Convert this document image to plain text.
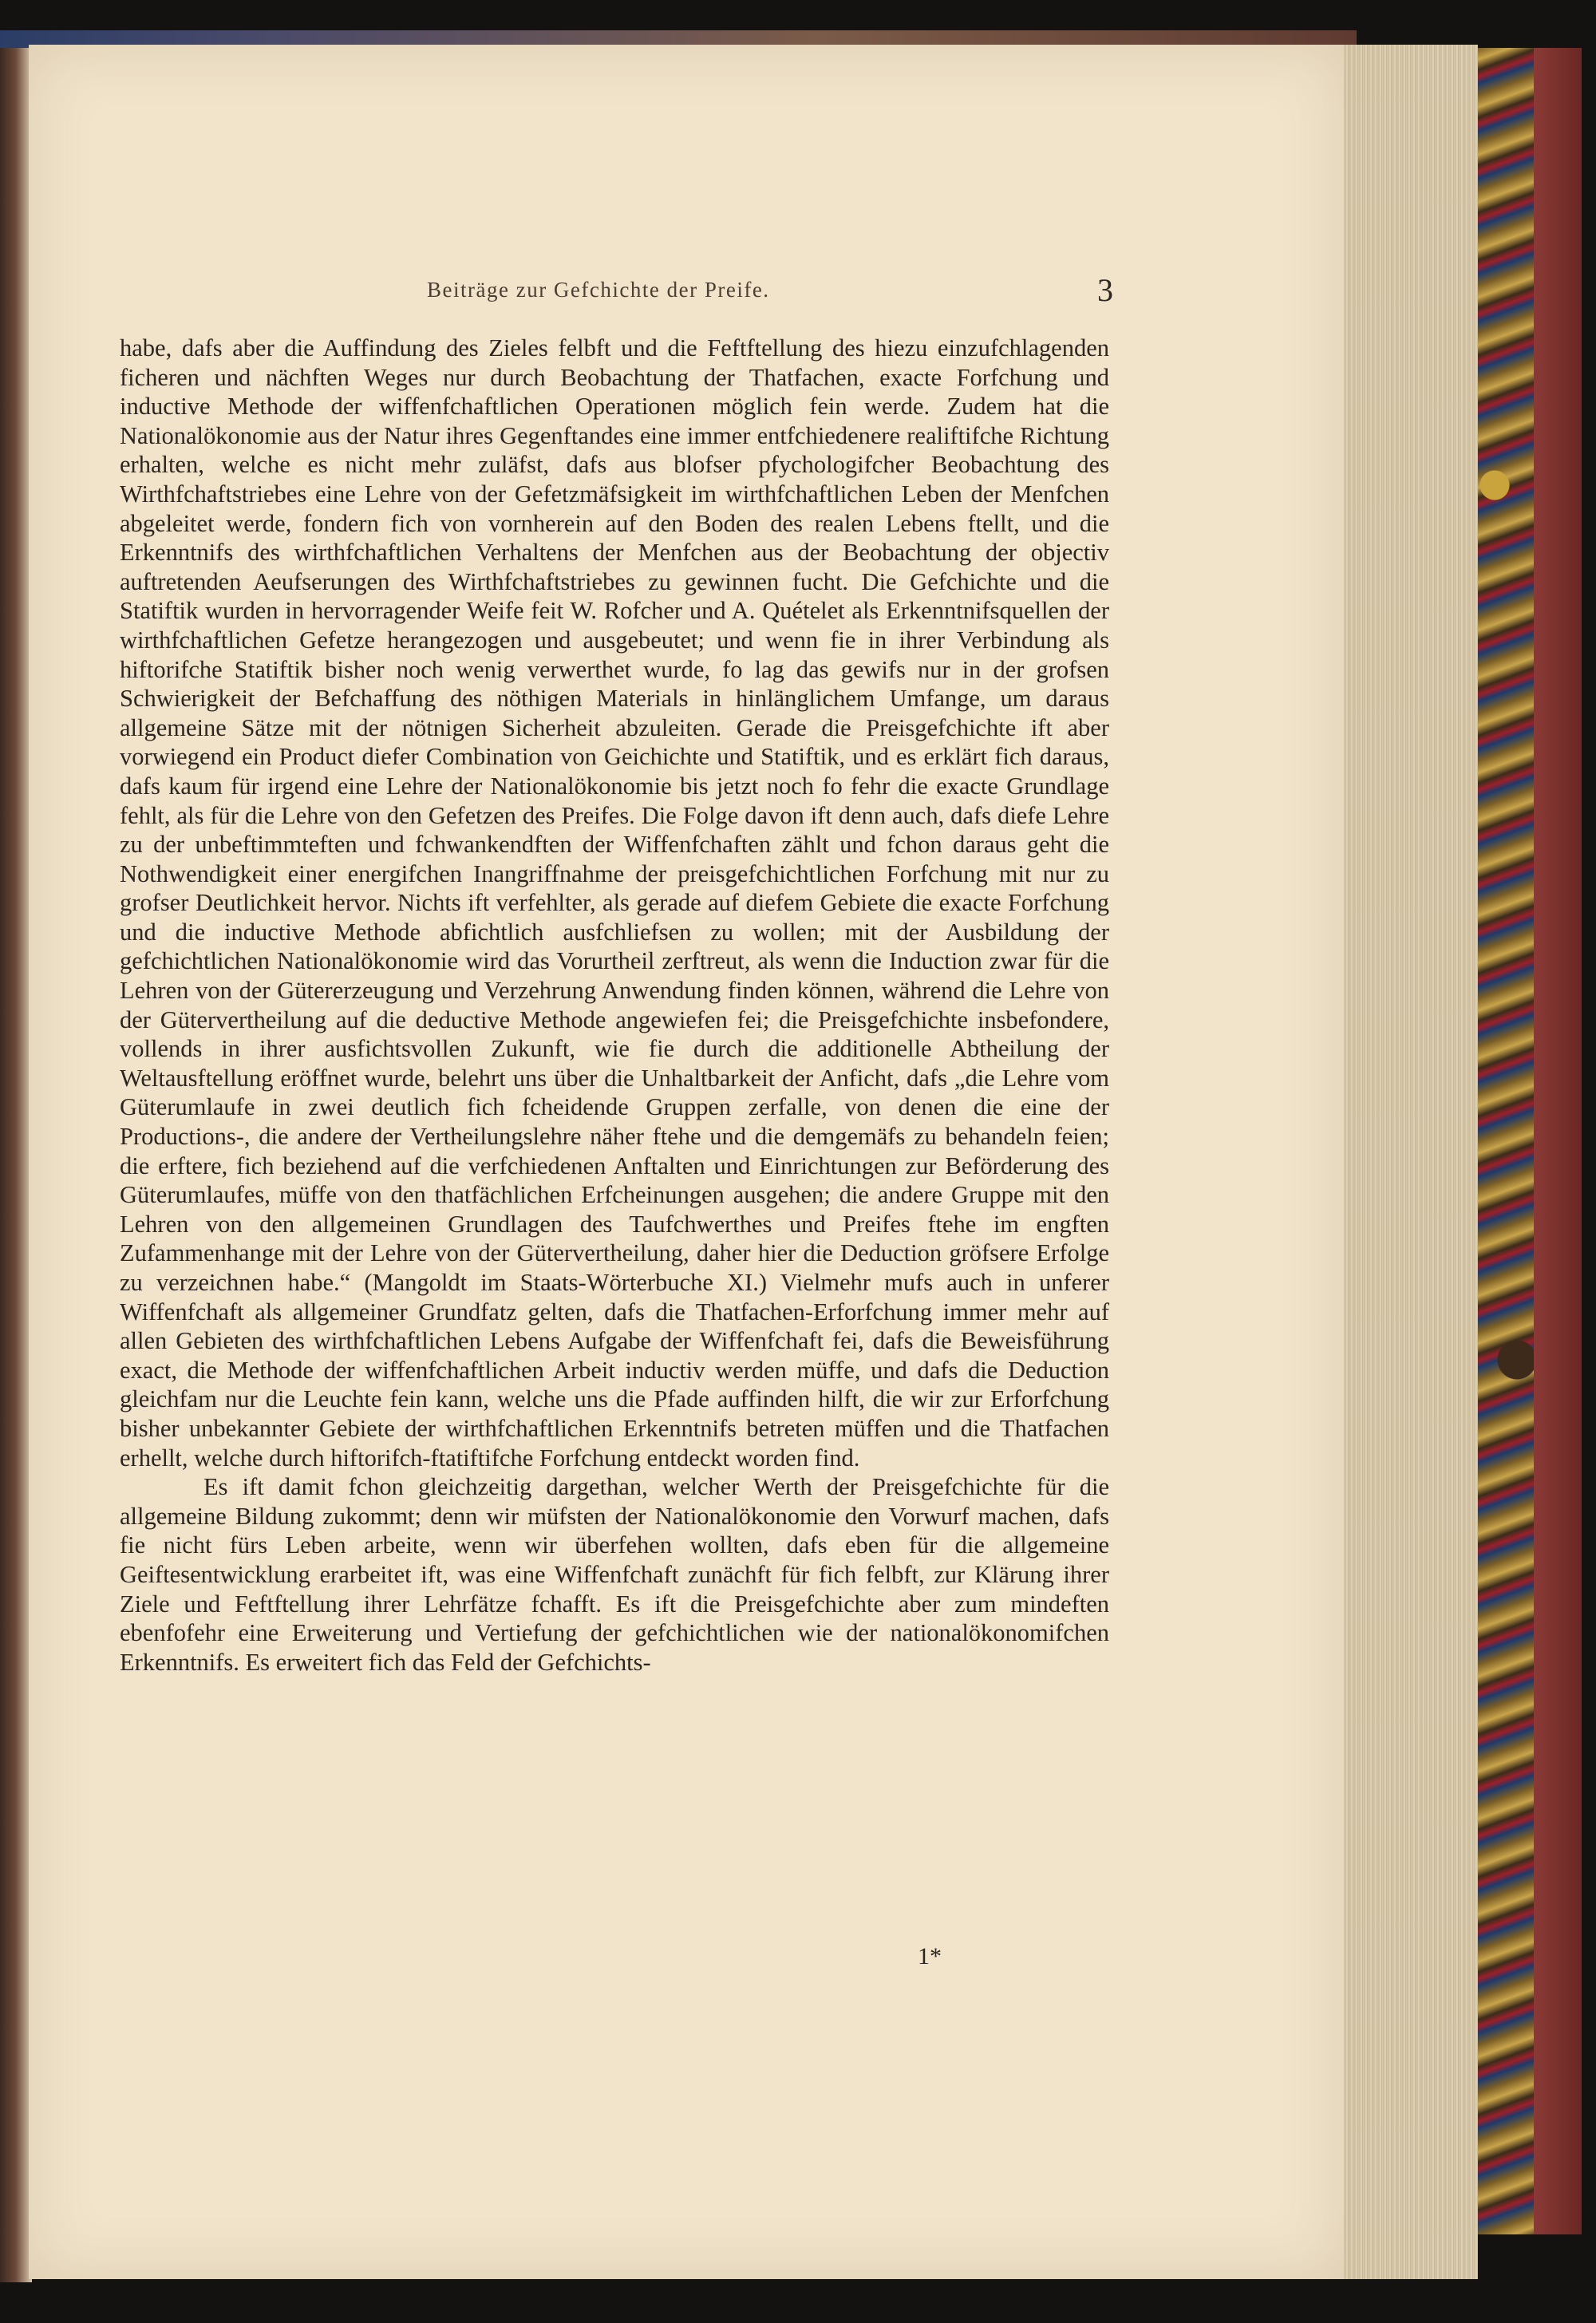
Beiträge zur Gefchichte der Preife.	3

habe, dafs aber die Auffindung des Zieles felbft und die Feftftellung des hiezu einzufchlagenden ficheren und nächften Weges nur durch Beobachtung der Thatfachen, exacte Forfchung und inductive Methode der wiffenfchaftlichen Operationen möglich fein werde. Zudem hat die Nationalökonomie aus der Natur ihres Gegenftandes eine immer entfchiedenere realiftifche Richtung erhalten, welche es nicht mehr zuläfst, dafs aus blofser pfychologifcher Beobachtung des Wirthfchaftstriebes eine Lehre von der Gefetzmäfsigkeit im wirthfchaftlichen Leben der Menfchen abgeleitet werde, fondern fich von vornherein auf den Boden des realen Lebens ftellt, und die Erkenntnifs des wirthfchaftlichen Verhaltens der Menfchen aus der Beobachtung der objectiv auftretenden Aeufserungen des Wirthfchaftstriebes zu gewinnen fucht. Die Gefchichte und die Statiftik wurden in hervorragender Weife feit W. Rofcher und A. Quételet als Erkenntnifsquellen der wirthfchaftlichen Gefetze herangezogen und ausgebeutet; und wenn fie in ihrer Verbindung als hiftorifche Statiftik bisher noch wenig verwerthet wurde, fo lag das gewifs nur in der grofsen Schwierigkeit der Befchaffung des nöthigen Materials in hinlänglichem Umfange, um daraus allgemeine Sätze mit der nötnigen Sicherheit abzuleiten. Gerade die Preisgefchichte ift aber vorwiegend ein Product diefer Combination von Geichichte und Statiftik, und es erklärt fich daraus, dafs kaum für irgend eine Lehre der Nationalökonomie bis jetzt noch fo fehr die exacte Grundlage fehlt, als für die Lehre von den Gefetzen des Preifes. Die Folge davon ift denn auch, dafs diefe Lehre zu der unbeftimmteften und fchwankendften der Wiffenfchaften zählt und fchon daraus geht die Nothwendigkeit einer energifchen Inangriffnahme der preisgefchichtlichen Forfchung mit nur zu grofser Deutlichkeit hervor. Nichts ift verfehlter, als gerade auf diefem Gebiete die exacte Forfchung und die inductive Methode abfichtlich ausfchliefsen zu wollen; mit der Ausbildung der gefchichtlichen Nationalökonomie wird das Vorurtheil zerftreut, als wenn die Induction zwar für die Lehren von der Gütererzeugung und Verzehrung Anwendung finden können, während die Lehre von der Gütervertheilung auf die deductive Methode angewiefen fei; die Preisgefchichte insbefondere, vollends in ihrer ausfichtsvollen Zukunft, wie fie durch die additionelle Abtheilung der Weltausftellung eröffnet wurde, belehrt uns über die Unhaltbarkeit der Anficht, dafs „die Lehre vom Güterumlaufe in zwei deutlich fich fcheidende Gruppen zerfalle, von denen die eine der Productions-, die andere der Vertheilungslehre näher ftehe und die demgemäfs zu behandeln feien; die erftere, fich beziehend auf die verfchiedenen Anftalten und Einrichtungen zur Beförderung des Güterumlaufes, müffe von den thatfächlichen Erfcheinungen ausgehen; die andere Gruppe mit den Lehren von den allgemeinen Grundlagen des Taufchwerthes und Preifes ftehe im engften Zufammenhange mit der Lehre von der Gütervertheilung, daher hier die Deduction gröfsere Erfolge zu verzeichnen habe.“ (Mangoldt im Staats-Wörterbuche XI.) Vielmehr mufs auch in unferer Wiffenfchaft als allgemeiner Grundfatz gelten, dafs die Thatfachen-Erforfchung immer mehr auf allen Gebieten des wirthfchaftlichen Lebens Aufgabe der Wiffenfchaft fei, dafs die Beweisführung exact, die Methode der wiffenfchaftlichen Arbeit inductiv werden müffe, und dafs die Deduction gleichfam nur die Leuchte fein kann, welche uns die Pfade auffinden hilft, die wir zur Erforfchung bisher unbekannter Gebiete der wirthfchaftlichen Erkenntnifs betreten müffen und die Thatfachen erhellt, welche durch hiftorifch-ftatiftifche Forfchung entdeckt worden find.

Es ift damit fchon gleichzeitig dargethan, welcher Werth der Preisgefchichte für die allgemeine Bildung zukommt; denn wir müfsten der Nationalökonomie den Vorwurf machen, dafs fie nicht fürs Leben arbeite, wenn wir überfehen wollten, dafs eben für die allgemeine Geiftesentwicklung erarbeitet ift, was eine Wiffenfchaft zunächft für fich felbft, zur Klärung ihrer Ziele und Feftftellung ihrer Lehrfätze fchafft. Es ift die Preisgefchichte aber zum mindeften ebenfofehr eine Erweiterung und Vertiefung der gefchichtlichen wie der nationalökonomifchen Erkenntnifs. Es erweitert fich das Feld der Gefchichts-

1*
